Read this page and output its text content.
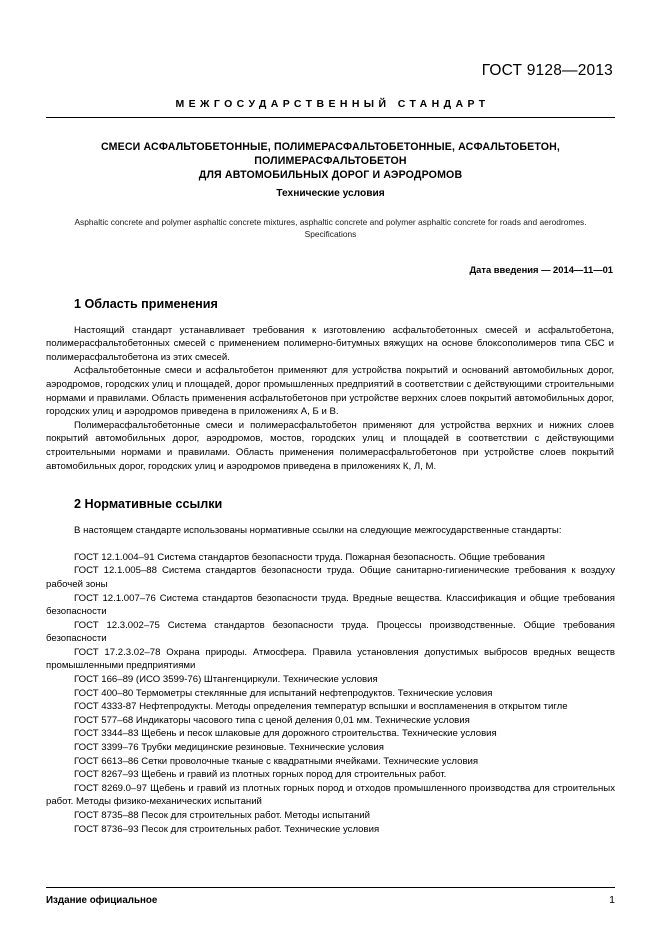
ГОСТ 9128—2013
МЕЖГОСУДАРСТВЕННЫЙ СТАНДАРТ
СМЕСИ АСФАЛЬТОБЕТОННЫЕ, ПОЛИМЕРАСФАЛЬТОБЕТОННЫЕ, АСФАЛЬТОБЕТОН,
ПОЛИМЕРАСФАЛЬТОБЕТОН
ДЛЯ АВТОМОБИЛЬНЫХ ДОРОГ И АЭРОДРОМОВ
Технические условия
Asphaltic concrete and polymer asphaltic concrete mixtures, asphaltic concrete and polymer asphaltic concrete for roads and aerodromes. Specifications
Дата введения — 2014—11—01
1 Область применения

Настоящий стандарт устанавливает требования к изготовлению асфальтобетонных смесей и асфальтобетона, полимерасфальтобетонных смесей с применением полимерно-битумных вяжущих на основе блоксополимеров типа СБС и полимерасфальтобетона из этих смесей.

Асфальтобетонные смеси и асфальтобетон применяют для устройства покрытий и оснований автомобильных дорог, аэродромов, городских улиц и площадей, дорог промышленных предприятий в соответствии с действующими строительными нормами и правилами. Область применения асфальтобетонов при устройстве верхних слоев покрытий автомобильных дорог, городских улиц и аэродромов приведена в приложениях А, Б и В.

Полимерасфальтобетонные смеси и полимерасфальтобетон применяют для устройства верхних и нижних слоев покрытий автомобильных дорог, аэродромов, мостов, городских улиц и площадей в соответствии с действующими строительными нормами и правилами. Область применения полимерасфальтобетонов при устройстве слоев покрытий автомобильных дорог, городских улиц и аэродромов приведена в приложениях К, Л, М.

2 Нормативные ссылки

В настоящем стандарте использованы нормативные ссылки на следующие межгосударственные стандарты:

ГОСТ 12.1.004–91 Система стандартов безопасности труда. Пожарная безопасность. Общие требования

ГОСТ 12.1.005–88 Система стандартов безопасности труда. Общие санитарно-гигиенические требования к воздуху рабочей зоны

ГОСТ 12.1.007–76 Система стандартов безопасности труда. Вредные вещества. Классификация и общие требования безопасности

ГОСТ 12.3.002–75 Система стандартов безопасности труда. Процессы производственные. Общие требования безопасности

ГОСТ 17.2.3.02–78 Охрана природы. Атмосфера. Правила установления допустимых выбросов вредных веществ промышленными предприятиями

ГОСТ 166–89 (ИСО 3599-76) Штангенциркули. Технические условия

ГОСТ 400–80 Термометры стеклянные для испытаний нефтепродуктов. Технические условия

ГОСТ 4333-87 Нефтепродукты. Методы определения температур вспышки и воспламенения в открытом тигле

ГОСТ 577–68 Индикаторы часового типа с ценой деления 0,01 мм. Технические условия

ГОСТ 3344–83 Щебень и песок шлаковые для дорожного строительства. Технические условия

ГОСТ 3399–76 Трубки медицинские резиновые. Технические условия

ГОСТ 6613–86 Сетки проволочные тканые с квадратными ячейками. Технические условия

ГОСТ 8267–93 Щебень и гравий из плотных горных пород для строительных работ.

ГОСТ 8269.0–97 Щебень и гравий из плотных горных пород и отходов промышленного производства для строительных работ. Методы физико-механических испытаний

ГОСТ 8735–88 Песок для строительных работ. Методы испытаний

ГОСТ 8736–93 Песок для строительных работ. Технические условия

Издание официальное	1
